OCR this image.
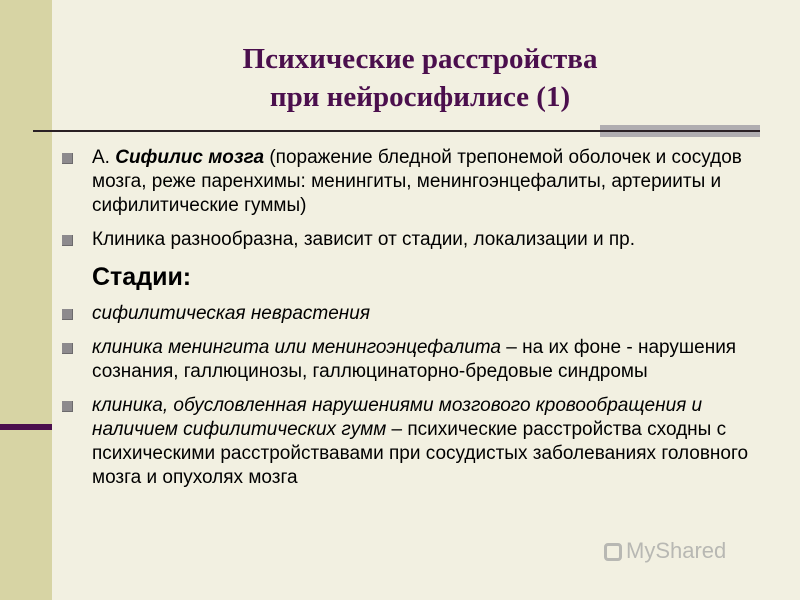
Психические расстройства
при нейросифилисе (1)
А. Сифилис мозга (поражение бледной трепонемой оболочек и сосудов мозга, реже паренхимы: менингиты, менингоэнцефалиты, артерииты и сифилитические гуммы)
Клиника разнообразна, зависит от стадии, локализации и пр.
Стадии:
сифилитическая неврастения
клиника менингита или менингоэнцефалита – на их фоне - нарушения сознания, галлюцинозы, галлюцинаторно-бредовые синдромы
клиника, обусловленная нарушениями мозгового кровообращения и наличием сифилитических гумм – психические расстройства сходны с психическими расстройствавами при сосудистых заболеваниях головного мозга и опухолях мозга
MyShared
